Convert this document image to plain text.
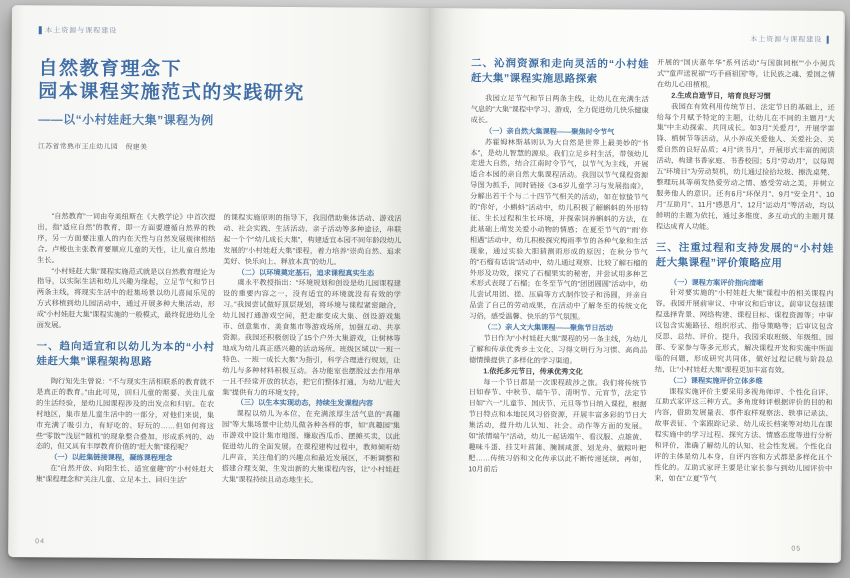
本土资源与课程建设
自然教育理念下
园本课程实施范式的实践研究
——以“小村娃赶大集”课程为例
江苏省常熟市王庄幼儿园　倪建美
“自然教育”一词由夸美纽斯在《大教学论》中首次提出，指“适应自然”的教育，即一方面要遵循自然界的秩序，另一方面要注重人的内在天性与自然发展规律相结合。卢梭也主张教育要顺应儿童的天性，让儿童自然地生长。
“小村娃赶大集”课程实施范式就是以自然教育理论为指导，以实际生活和幼儿兴趣为缘起，立足节气和节日两条主线，将现实生活中的赶集场景以幼儿喜闻乐见的方式移植到幼儿园活动中，通过开展多种大集活动，形成“小村娃赶大集”课程实施的一般模式，最终促进幼儿全面发展。
一、趋向适宜和以幼儿为本的“小村娃赶大集”课程架构思路
陶行知先生曾说：“不与现实生活相联系的教育就不是真正的教育。”由此可见，回归儿童的需要、关注儿童的生活经验，是幼儿园课程涉及的出发点和归宿。在农村地区，集市是儿童生活中的一部分，对他们来说，集市充满了吸引力，有好吃的、好玩的……但如何将这些“零散”“浅层”“随机”的现象整合叠加，形成系列的、动态的，但又具有丰厚教育价值的“赶大集”课程呢？
（一）以赶集链接课程，凝练课程理念
在“自然开放、向阳生长、适宜童趣”的“小村娃赶大集”课程理念和“关注儿童、立足本土、回归生活”
的课程实施原则的指导下，我园借助集体活动、游戏活动、社会实践、生活活动、亲子活动等多种途径，串联起一个个“幼儿成长大集”，构建适宜本园不同年龄段幼儿发展的“小村娃赶大集”课程，着力培养“崇尚自然、追求美好、快乐向上、释放本真”的幼儿。
（二）以环境奠定基石，追求课程真实生态
虞永平教授指出：“环境规划和创设是幼儿园课程建设的重要内容之一，没有适宜的环境就没有有效的学习。”我园尝试做好顶层规划，将环境与课程紧密融合，幼儿园打通游戏空间，把走廊变成大集、创设游戏集市、创意集市、美食集市等游戏场所，加强互动、共享资源。我园还积极创设了15个户外大集游戏，让树林等地成为幼儿真正感兴趣的活动场所。班级区域以“一班一特色、一班一成长大集”为指引，科学合理进行规划，让幼儿与多种材料积极互动。各功能室也摆脱过去作用单一且不经常开放的状态，把它们整体打通，为幼儿“赶大集”提供有力的环境支持。
（三）以生本实现动态，持续生发课程内容
课程以幼儿为本位，在充满浓厚生活气息的“真趣园”等大集场景中让幼儿做各种各样的事，如“真趣园”集市游戏中设计集市地图、赚取西瓜币、摆摊买卖，以此促进幼儿的全面发展。在课程建构过程中，教师倾听幼儿声音，关注他们的兴趣点和最近发展区，不断调整和搭建合理支架，生发出新的大集课程内容，让“小村娃赶大集”课程持续且动态地生长。
04
本土资源与课程建设
二、沁润资源和走向灵活的“小村娃赶大集”课程实施思路探索
我园立足节气和节日两条主线，让幼儿在充满生活气息的“大集”课程中学习、游戏，全力促进幼儿快乐健康成长。
（一）亲自然大集课程——聚焦时令节气
苏霍姆林斯基则认为大自然是世界上最美妙的“书本”，是幼儿智慧的源泉。我们立足乡村生活，带领幼儿走进大自然，结合江南时令节气，以节气为主线，开展适合本园的亲自然大集课程活动。我园以节气课程资源导图为抓手，同时链接《3-6岁儿童学习与发展指南》，分解出若干个与二十四节气相关的活动，如在惊蛰节气的“你好，小蝌蚪”活动中，幼儿积极了解蝌蚪的外形特征、生长过程和生长环境，并探索饲养蝌蚪的方法，在此基础上萌发关爱小动物的情感；在夏至节气的“‘雨’你相遇”活动中，幼儿积极探究梅雨季节的各种气象和生活现象，通过实验大胆猜测雨形成的原因；在秋分节气的“石榴有话说”活动中，幼儿通过观察、比较了解石榴的外形及功效，探究了石榴果实的秘密，并尝试用多种艺术形式表现了石榴；在冬至节气的“团团圆圆”活动中，幼儿尝试用团、搓、压扁等方式制作饺子和汤圆，并亲自品尝了自己的劳动成果，在活动中了解冬至的传统文化习俗，感受温馨、快乐的节气氛围。
（二）亲人文大集课程——聚焦节日活动
节日作为“小村娃赶大集”课程的另一条主线，为幼儿了解和传承优秀乡土文化、习得文明行为习惯、高尚品德情操提供了多样化的学习渠道。
1.依托多元节日，传承优秀文化
每一个节日都是一次课程跋涉之旅。我们将传统节日如春节、中秋节、端午节、清明节、元宵节，法定节日如“六一”儿童节、国庆节、元旦等节日纳入课程，根据节日特点和本地民风习俗资源，开展丰富多彩的节日大集活动，提升幼儿认知、社会、动作等方面的发展。如“浓情端午”活动，幼儿一起话端午、看汉服、点雄黄、趣味斗蛋、挂艾叶菖蒲、腌制咸蛋、划龙舟、做粽叶粑粑……传统习俗和文化传承以此不断传递延续。再如，10月前后
开展的“国庆嘉年华”系列活动“与国旗同框”“小小阅兵式”“童声送祝福”“巧手画祖国”等，让民族之魂、爱国之情在幼儿心田植根。
2.生成自造节日，培育良好习惯
我园在有效利用传统节日、法定节日的基础上，还给每个月赋予特定的主题，让幼儿在不同的主题月“大集”中主动探索、共同成长。如3月“关爱月”，开展学雷锋、植树节等活动，从小养成关爱他人、关爱社会、关爱自然的良好品质；4月“读书月”，开展形式丰富的阅读活动，构建书香家庭、书香校园；5月“劳动月”，以每周五“环境日”为劳动契机，幼儿通过捡拾垃圾、擦洗桌凳、整理玩具等萌发热爱劳动之情、感受劳动之美，并树立服务他人的意识。还有6月“环保月”、9月“安全月”、10月“互助月”、11月“感恩月”、12月“运动月”等活动，均以鲜明的主题为依托，通过多维度、多互动式的主题月课程达成育人功能。
三、注重过程和支持发展的“小村娃赶大集课程”评价策略应用
（一）课程方案评价指向清晰
针对要实施的“小村娃赶大集”课程中的相关课程内容，我园开展前审议、中审议和后审议。前审议包括课程选择背景、网络构建、课程目标、课程资源等；中审议包含实施路径、组织形式、指导策略等；后审议包含反思、总结、评价、提升。我园采取班级、年级组、园部、专家参与等多元形式，解决课程开发和实施中所面临的问题，形成研究共同体，做好过程记载与阶段总结，让“小村娃赶大集”课程更加丰富有效。
（二）课程实施评价立体多维
课程实施评价主要采用多视角师评、个性化自评、互助式家评这三种方式。多角度师评根据评价的目的和内容，借助发展量表、事件取样观察法、轶事记录法、故事表征、个案跟踪记录、幼儿成长档案等对幼儿在课程实施中的学习过程、探究方法、情感态度等进行分析和评价，准确了解幼儿的认知、社会性发展。个性化自评的主体是幼儿本身，自评内容和方式都是多样化且个性化的。互助式家评主要是让家长参与到幼儿园评价中来，如在“立夏”节气
05
